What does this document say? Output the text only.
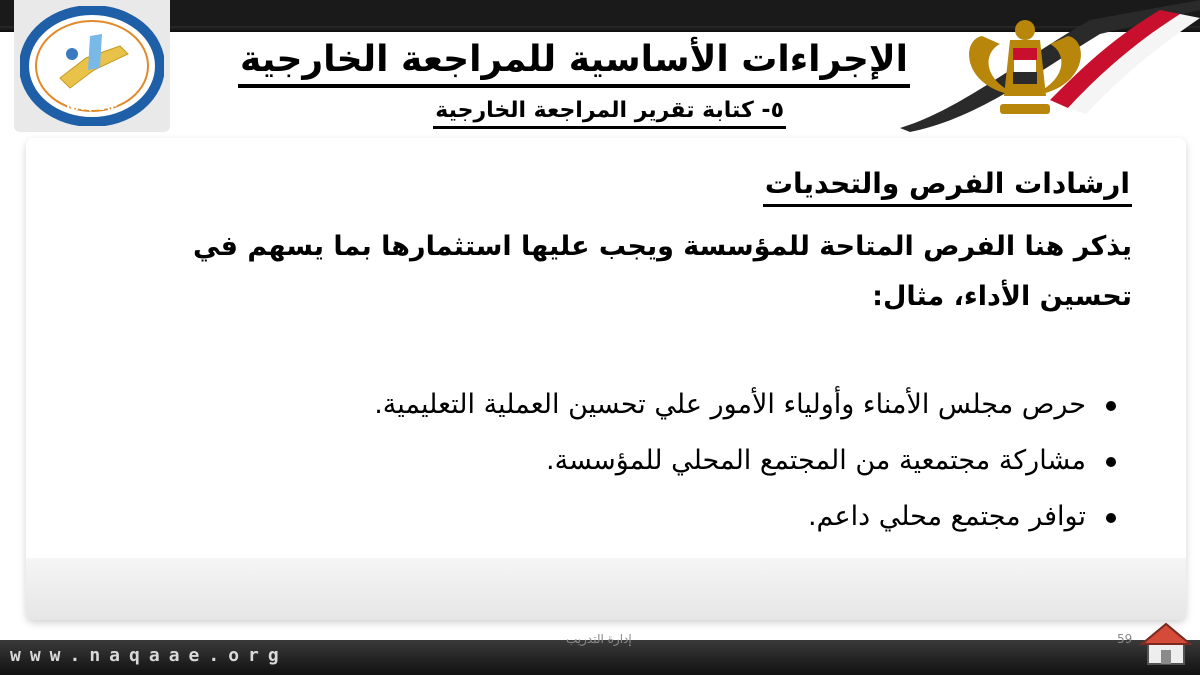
NAQAAE
الإجراءات الأساسية للمراجعة الخارجية
٥- كتابة تقرير المراجعة الخارجية
ارشادات الفرص والتحديات
يذكر هنا الفرص المتاحة للمؤسسة ويجب عليها استثمارها بما يسهم في تحسين الأداء، مثال:
حرص مجلس الأمناء وأولياء الأمور علي تحسين العملية التعليمية.
مشاركة مجتمعية من المجتمع المحلي للمؤسسة.
توافر مجتمع محلي داعم.
www.naqaae.org
إدارة التدريب	59
